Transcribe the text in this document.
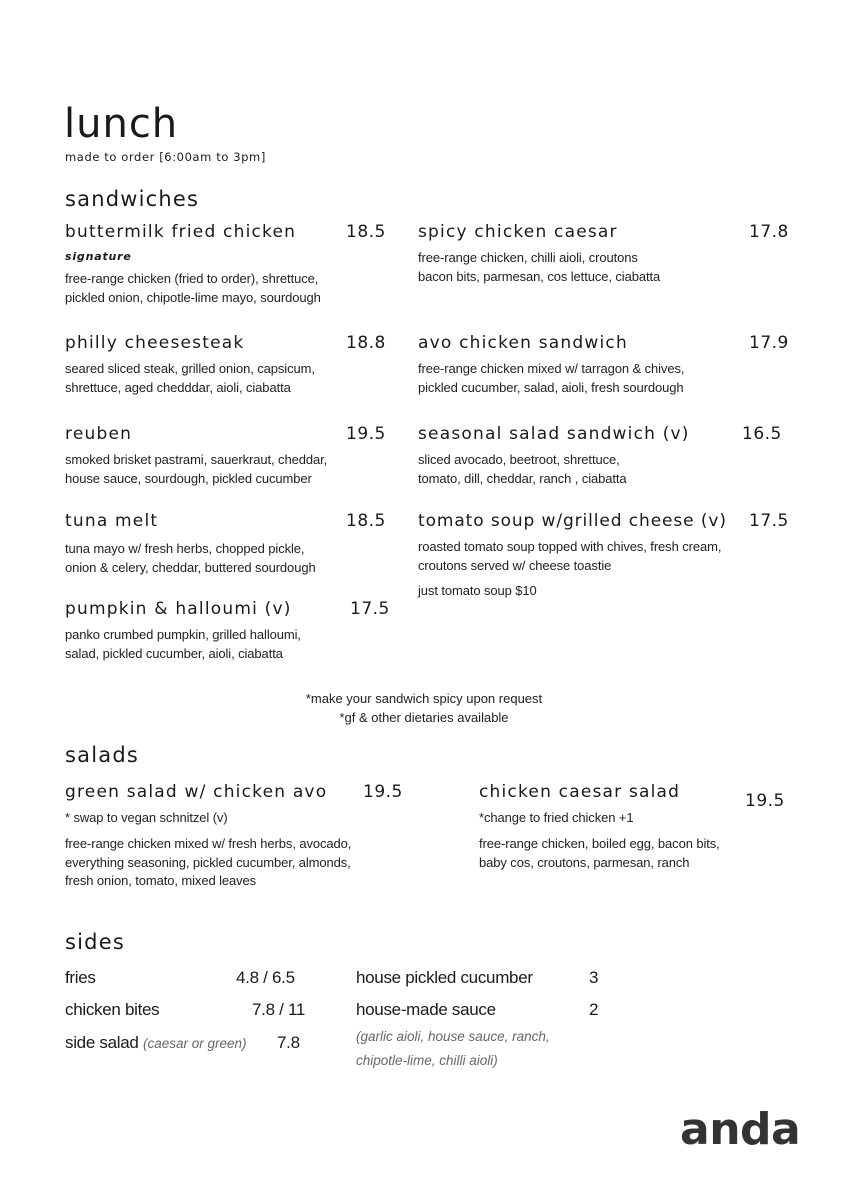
lunch
made to order [6:00am to 3pm]
sandwiches
buttermilk fried chicken	18.5
signature
free-range chicken (fried to order), shrettuce,
pickled onion, chipotle-lime mayo, sourdough
spicy chicken caesar	17.8
free-range chicken, chilli aioli, croutons
bacon bits, parmesan, cos lettuce, ciabatta
philly cheesesteak	18.8
seared sliced steak, grilled onion, capsicum,
shrettuce, aged chedddar, aioli, ciabatta
avo chicken sandwich	17.9
free-range chicken mixed w/ tarragon & chives,
pickled cucumber, salad, aioli, fresh sourdough
reuben	19.5
smoked brisket pastrami, sauerkraut, cheddar,
house sauce, sourdough, pickled cucumber
seasonal salad sandwich (v)	16.5
sliced avocado, beetroot, shrettuce,
tomato, dill, cheddar, ranch , ciabatta
tuna melt	18.5
tuna mayo w/ fresh herbs, chopped pickle,
onion & celery, cheddar, buttered sourdough
tomato soup w/grilled cheese (v) 17.5
roasted tomato soup topped with chives, fresh cream,
croutons served w/ cheese toastie
just tomato soup $10
pumpkin & halloumi (v)	17.5
panko crumbed pumpkin, grilled halloumi,
salad, pickled cucumber, aioli, ciabatta
*make your sandwich spicy upon request
*gf & other dietaries available
salads
green salad w/ chicken avo 19.5
* swap to vegan schnitzel (v)
free-range chicken mixed w/ fresh herbs, avocado,
everything seasoning, pickled cucumber, almonds,
fresh onion, tomato, mixed leaves
chicken caesar salad	19.5
*change to fried chicken +1
free-range chicken, boiled egg, bacon bits,
baby cos, croutons, parmesan, ranch
sides
fries	4.8 / 6.5
chicken bites	7.8 / 11
side salad (caesar or green) 7.8
house pickled cucumber	3
house-made sauce	2
(garlic aioli, house sauce, ranch,
chipotle-lime, chilli aioli)
anda
